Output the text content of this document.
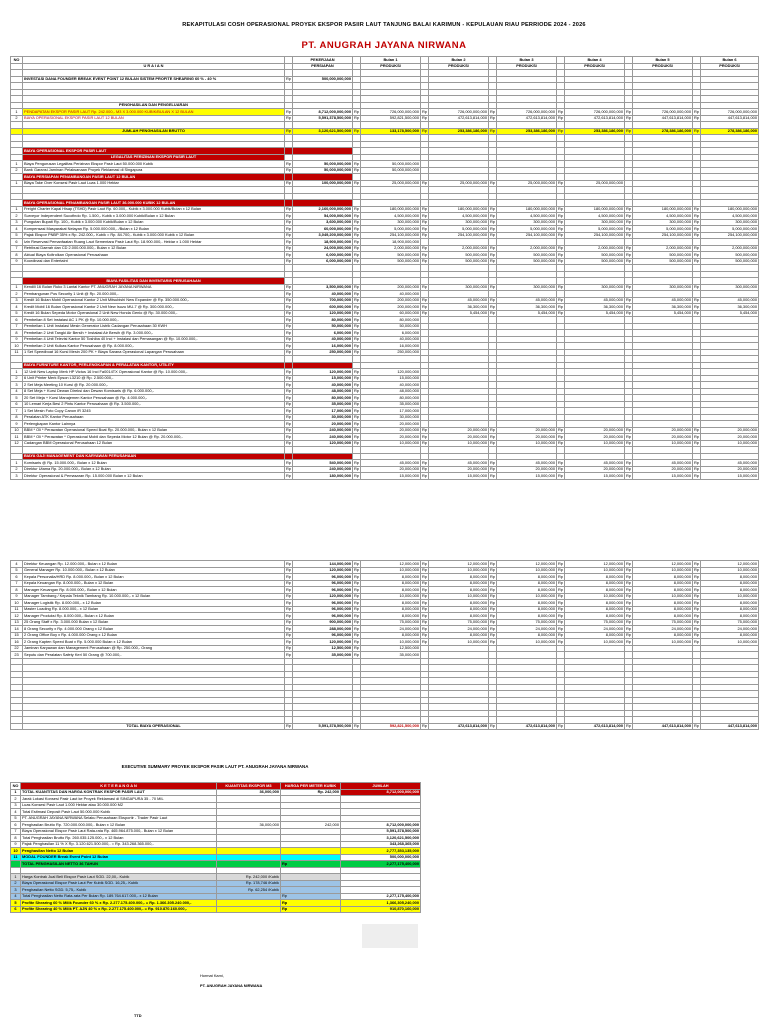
REKAPITULASI COSH OPERASIONAL PROYEK EKSPOR PASIIR LAUT TANJUNG BALAI KARIMUN - KEPULAUAN RIAU PERRIODE 2024 - 2026
PT. ANUGRAH JAYANA NIRWANA
NO			PEKERJAAN		Bulan 1		Bulan 2		Bulan 3		Bulan 4		Bulan 5		Bulan 6
	U R A I A N		PERSIAPAN		PRODUKSI		PRODUKSI		PRODUKSI		PRODUKSI		PRODUKSI		PRODUKSI

	INVESTASI DANA FOUNDER BREAK EVENT POINT 12 BULAN SISTEM PROFITE SHEARING 60 % - 40 %	Rp	500,000,000,000												

	PENGHASILAN DAN PENGELUARAN														
1	PENDAPATAN EKSPOR PASIR LAUT Rp. 242.000,- M3 X 3.000.000 KUBIK/BULAN X 12 BULAN	Rp	8,712,000,000,000	Rp	726,000,000,000	Rp	726,000,000,000	Rp	726,000,000,000	Rp	726,000,000,000	Rp	726,000,000,000	Rp	726,000,000,000
2	BIAYA OPERASIONAL EKSPOR PASIR LAUT 12 BULAN	Rp	5,591,378,500,000	Rp	592,821,500,000	Rp	472,613,814,000	Rp	472,613,814,000	Rp	472,613,814,000	Rp	447,613,814,000	Rp	447,613,814,000

	JUMLAH PENGHASILAN BRUTTO	Rp	3,120,621,500,000	Rp	133,178,500,000	Rp	253,386,186,000	Rp	253,386,186,000	Rp	253,386,186,000	Rp	278,386,186,000	Rp	278,386,186,000

	BIAYA OPERASIONAL EKSPOR PASIR LAUT														
	LEGALITAS PERIZINAN EKSPOR PASIR LAUT														
1	Biaya Pengurusan Legalitas Perizinan Ekspor Pasir Laut 50.000.000 Kubik	Rp	50,000,000,000	Rp	50,000,000,000										
2	Bank Garansi Jaminan Pelaksanaan Proyek Reklamasi di Singapura	Rp	50,000,000,000	Rp	50,000,000,000										
	BIAYA PERSIAPAN PENAMBANGAN PASIR LAUT 12 BULAN														
1	Biaya Take Over Konsesi Pasir Laut Luas 1.000 Hektar	Rp	100,000,000,000	Rp	25,000,000,000	Rp	25,000,000,000	Rp	25,000,000,000	Rp	25,000,000,000				

	BIAYA OPERASIONAL PENAMBANGAN PASIR LAUT 36.000.000 KUBIK 12 BULAN														
1	Freight Charter Kapal Hisap (TSHD) Pasir Laut Rp. 60.000,- Kubik x 3.000.000 Kubik/Bulan x 12 Bulan	Rp	2,160,000,000,000	Rp	180,000,000,000	Rp	180,000,000,000	Rp	180,000,000,000	Rp	180,000,000,000	Rp	180,000,000,000	Rp	180,000,000,000
2	Surveyor Independent Sucofindo Rp. 1.500,- Kubik x 3.000.000 Kubik/Bulan x 12 Bulan	Rp	54,000,000,000	Rp	4,500,000,000	Rp	4,500,000,000	Rp	4,500,000,000	Rp	4,500,000,000	Rp	4,500,000,000	Rp	4,500,000,000
3	Pungutan Bupati Rp. 100,- Kubik x 3.000.000 Kubik/Bulan x 12 Bulan	Rp	3,600,000,000	Rp	300,000,000	Rp	300,000,000	Rp	300,000,000	Rp	300,000,000	Rp	300,000,000	Rp	300,000,000
4	Kompensasi Masyarakat Nelayan Rp. 5.000.000.000,- /Bulan x 12 Bulan	Rp	60,000,000,000	Rp	5,000,000,000	Rp	5,000,000,000	Rp	5,000,000,000	Rp	5,000,000,000	Rp	5,000,000,000	Rp	5,000,000,000
5	Pajak Ekspor PNBP 35% x Rp. 242.000,- Kubik = Rp. 84.700,- Kubik x 3.000.000 Kubik x 12 Bulan	Rp	3,049,200,000,000	Rp	254,100,000,000	Rp	254,100,000,000	Rp	254,100,000,000	Rp	254,100,000,000	Rp	254,100,000,000	Rp	254,100,000,000
6	Izin Reservasi Pemanfaatan Ruang Laut Sementara Pasir Laut Rp. 18.900.000,- Hektar x 1.000 Hektar	Rp	18,900,000,000	Rp	18,900,000,000										
7	Retribusi Daerah dan CD 2.000.000.000,- Bulan x 12 Bulan	Rp	24,000,000,000	Rp	2,000,000,000	Rp	2,000,000,000	Rp	2,000,000,000	Rp	2,000,000,000	Rp	2,000,000,000	Rp	2,000,000,000
8	Aktual Biaya Koltrolkan Operasional Perusahaan	Rp	6,000,000,000	Rp	500,000,000	Rp	500,000,000	Rp	500,000,000	Rp	500,000,000	Rp	500,000,000	Rp	500,000,000
9	Koordinasi dan Entertaint	Rp	6,000,000,000	Rp	500,000,000	Rp	500,000,000	Rp	500,000,000	Rp	500,000,000	Rp	500,000,000	Rp	500,000,000

	BIAYA FASILITAS DAN INVENTARIS PERUSAHAAN														
1	Kendili 16 Bulan Ruko 3 Lantai Kantor PT. ANUGRAH JAYANA NIRWANA	Rp	3,500,000,000	Rp	200,000,000	Rp	300,000,000	Rp	300,000,000	Rp	300,000,000	Rp	300,000,000	Rp	300,000,000
2	Pembangunan Pos Security 1 Unit @ Rp. 20.000.000,-	Rp	40,000,000	Rp	40,000,000										
3	Kredit 16 Bulan Mobil Operasional Kantor 2 Unit Mitsubishi New Expander @ Rp. 350.000.000,-	Rp	700,000,000	Rp	200,000,000	Rp	45,000,000	Rp	45,000,000	Rp	45,000,000	Rp	45,000,000	Rp	45,000,000
4	Kredit Mobil 16 Bulan Operasional Kantor 2 Unit New Isuzu MU-7 @ Rp. 300.000.000,-	Rp	600,000,000	Rp	200,000,000	Rp	36,300,000	Rp	36,300,000	Rp	36,300,000	Rp	36,300,000	Rp	36,300,000
5	Kredit 16 Bulan Sepeda Motor Operasional 2 Unit New Honda Genio @ Rp. 30.000.000,-	Rp	120,000,000	Rp	60,000,000	Rp	5,454,000	Rp	5,454,000	Rp	5,454,000	Rp	5,454,000	Rp	5,454,000
6	Pembelian 8 Set Instalasi AC 1 PK @ Rp. 10.000.000,-	Rp	80,000,000	Rp	80,000,000										
7	Pembelian 1 Unit Instalasi Mesin Generator Listrik Cadangan Perusahaan 30 KWH	Rp	50,000,000	Rp	50,000,000										
8	Pembelian 2 Unit Tangki Air Bersih + Instalasi Air Bersih @ Rp. 3.000.000,-	Rp	6,000,000	Rp	6,000,000										
9	Pembelian 4 Unit Televisi Kantor 50 Toshiba 40 Inci + Instalasi dan Pemasangan @ Rp. 10.000.000,-	Rp	40,000,000	Rp	40,000,000										
10	Pembelian 2 Unit Kulkas Kantor Perusahaan @ Rp. 8.000.000,-	Rp	16,000,000	Rp	16,000,000										
11	1 Set Speedboat 16 Kursi Mesin 200 PK + Biaya Sarana Operasional Lapangan Perusahaan	Rp	250,000,000	Rp	250,000,000										

	BIAYA FURNITURE KANTOR, PERLENGKAPAN & PERALATAN KANTOR, UTILITY														
1	12 Unit New Laptop Merk HP Victus 16 Inci Fa0014TX Operasional Kantor @ Rp. 10.000.000,-	Rp	120,000,000	Rp	120,000,000										
2	6 Unit Printer Merk Epson L3210 @ Rp. 2.500.000,-	Rp	15,000,000	Rp	15,000,000										
3	2 Set Meja Meeting 10 Kursi @ Rp. 20.000.000,-	Rp	40,000,000	Rp	40,000,000										
4	8 Set Meja + Kursi Dewan Direksi dan Dewan Komisaris @ Rp. 6.000.000,-	Rp	48,000,000	Rp	48,000,000										
5	20 Set Meja + Kursi Manajemen Kantor Perusahaan @ Rp. 4.000.000,-	Rp	80,000,000	Rp	80,000,000										
6	10 Lemari Kerja Besi 2 Pintu Kantor Perusahaan @ Rp. 3.500.000,-	Rp	35,000,000	Rp	35,000,000										
7	1 Set Mesin Foto Copy Canon iR 3245	Rp	17,000,000	Rp	17,000,000										
8	Peralatan ATK Kantor Perusahaan	Rp	30,000,000	Rp	30,000,000										
9	Perlengkapan Kantor Lainnya	Rp	20,000,000	Rp	20,000,000										
10	BBM * Oli * Perawatan Operasional Speed Boat Rp. 20.000.000,- Bulan x 12 Bulan	Rp	240,000,000	Rp	20,000,000	Rp	20,000,000	Rp	20,000,000	Rp	20,000,000	Rp	20,000,000	Rp	20,000,000
11	BBM * Oli * Perawatan * Operasional Mobil dan Sepeda Motor 12 Bulan @ Rp. 20.000.000,-	Rp	240,000,000	Rp	20,000,000	Rp	20,000,000	Rp	20,000,000	Rp	20,000,000	Rp	20,000,000	Rp	20,000,000
12	Cadangan BBM Operasional Perusahaan 12 Bulan	Rp	120,000,000	Rp	10,000,000	Rp	10,000,000	Rp	10,000,000	Rp	10,000,000	Rp	10,000,000	Rp	10,000,000

	BIAYA GAJI MANAGEMENT DAN KARYAWAN PERUSAHAAN														
1	Komisaris @ Rp. 15.000.000,- Bulan x 12 Bulan	Rp	540,000,000	Rp	45,000,000	Rp	45,000,000	Rp	45,000,000	Rp	45,000,000	Rp	45,000,000	Rp	45,000,000
2	Direktur Utama Rp. 20.000.000,- Bulan x 12 Bulan	Rp	240,000,000	Rp	20,000,000	Rp	20,000,000	Rp	20,000,000	Rp	20,000,000	Rp	20,000,000	Rp	20,000,000
3	Direktur Operasional & Pemasaran Rp. 15.000.000 Bulan x 12 Bulan	Rp	180,000,000	Rp	15,000,000	Rp	15,000,000	Rp	15,000,000	Rp	15,000,000	Rp	15,000,000	Rp	15,000,000
4	Direktur Keuangan Rp. 12.000.000,- Bulan x 12 Bulan	Rp	144,000,000	Rp	12,000,000	Rp	12,000,000	Rp	12,000,000	Rp	12,000,000	Rp	12,000,000	Rp	12,000,000
5	General Manager Rp. 10.000.000,- Bulan x 12 Bulan	Rp	120,000,000	Rp	10,000,000	Rp	10,000,000	Rp	10,000,000	Rp	10,000,000	Rp	10,000,000	Rp	10,000,000
6	Kepala Personalia/HRD Rp. 8.000.000,- Bulan x 12 Bulan	Rp	96,000,000	Rp	8,000,000	Rp	8,000,000	Rp	8,000,000	Rp	8,000,000	Rp	8,000,000	Rp	8,000,000
7	Kepala Keuangan Rp. 8.000.000,- Bulan x 12 Bulan	Rp	96,000,000	Rp	8,000,000	Rp	8,000,000	Rp	8,000,000	Rp	8,000,000	Rp	8,000,000	Rp	8,000,000
8	Manager Keuangan Rp. 8.000.000,- Bulan x 12 Bulan	Rp	96,000,000	Rp	8,000,000	Rp	8,000,000	Rp	8,000,000	Rp	8,000,000	Rp	8,000,000	Rp	8,000,000
9	Manager Tambang / Kepala Teknik Tambang Rp. 10.000.000,- x 12 Bulan	Rp	120,000,000	Rp	10,000,000	Rp	10,000,000	Rp	10,000,000	Rp	10,000,000	Rp	10,000,000	Rp	10,000,000
10	Manager Logistik Rp. 8.000.000,- x 12 Bulan	Rp	96,000,000	Rp	8,000,000	Rp	8,000,000	Rp	8,000,000	Rp	8,000,000	Rp	8,000,000	Rp	8,000,000
11	Master Loading Rp. 8.000.000,- x 12 Bulan	Rp	96,000,000	Rp	8,000,000	Rp	8,000,000	Rp	8,000,000	Rp	8,000,000	Rp	8,000,000	Rp	8,000,000
12	Manager Produksi Rp. 8.000.000,- Bulan x 12 Bulan	Rp	96,000,000	Rp	8,000,000	Rp	8,000,000	Rp	8,000,000	Rp	8,000,000	Rp	8,000,000	Rp	8,000,000
13	25 Orang Staff x Rp. 3.000.000 Bulan x 12 Bulan	Rp	900,000,000	Rp	75,000,000	Rp	75,000,000	Rp	75,000,000	Rp	75,000,000	Rp	75,000,000	Rp	75,000,000
14	8 Orang Security x Rp. 4.000.000 Orang x 12 Bulan	Rp	288,000,000	Rp	24,000,000	Rp	24,000,000	Rp	24,000,000	Rp	24,000,000	Rp	24,000,000	Rp	24,000,000
15	2 Orang Office Boy x Rp. 4.000.000 Orang x 12 Bulan	Rp	96,000,000	Rp	8,000,000	Rp	8,000,000	Rp	8,000,000	Rp	8,000,000	Rp	8,000,000	Rp	8,000,000
16	2 Orang Kapten Speed Boat x Rp. 5.000.000 Bulan x 12 Bulan	Rp	120,000,000	Rp	10,000,000	Rp	10,000,000	Rp	10,000,000	Rp	10,000,000	Rp	10,000,000	Rp	10,000,000
22	Jaminan Karyawan dan Management Perusahaan @ Rp. 250.000,- Orang	Rp	12,500,000	Rp	12,500,000										
23	Seputu dan Peralatan Safety Kerl 50 Orang @ 700.000,-	Rp	35,000,000	Rp	35,000,000										

	TOTAL BIAYA OPERASIONAL	Rp	5,591,378,500,000	Rp	592,821,500,000	Rp	472,613,814,000	Rp	472,613,814,000	Rp	472,613,814,000	Rp	447,613,814,000	Rp	447,613,814,000
EXECUTIVE SUMMARY PROYEK EKSPOR PASIR LAUT PT. ANUGRAH JAYANA NIRWANA
NO	K E T E R A N G A N	KUANTITAS EKSPOR M3	HARGA PER METER KUBIK	JUMLAH
1	TOTAL KUANTITAS DAN HARGA KONTRAK EKSPOR PASIR LAUT	36,000,000	Rp. 242,000	8,712,000,000,000
2	Jarak Lokasi Konsesi Pasir Laut ke Proyek Reklamasi di SINGAPURA 35 - 70 MIL			
3	Luas Konsesi Pasir Laut 1.000 Hektar atau 30.000.000 M2			
4	Total Estimasi Deposit Pasir Laut 50.000.000 Kubik			
5	PT. ANUGRAH JAYANA NIRWANA Selaku Perusahaan Eksportir - Trader Pasir Laut			
6	Penghasilan Brutto Rp. 720.000.000.000,- Bulan x 12 Bulan	36,000,000	242,000	8,712,000,000,000
7	Biaya Operasional Ekspor Pasir Laut Rata-rata Rp. 465.964.875.000,- Bulan x 12 Bulan			5,591,378,500,000
8	Total Penghasilan Brutto Rp. 260.035.125.000,- x 12 Bulan			3,120,621,500,000
9	Pajak Penghasilan 11 % X Rp. 3.120.621.500.000,- = Rp. 343.268.365.000,-			343,268,365,000
10	Penghasilan Netto 12 Bulan			2,777,353,135,000
11	MODAL FOUNDER Break Event Point 12 Bulan			500,000,000,000
	TOTAL PENGHASILAN NETTO 36 TAHUN		Rp	2,277,175,400,000

1	Harga Kontrak Jual Beli Ekspor Pasir Laut SGD. 22,00,- Kubik	Rp. 242,000 /Kubik		
2	Biaya Operasional Ekspor Pasir Laut Per Kubik SGD. 16,25,- Kubik	Rp. 178,746 /Kubik		
3	Penghasilan Netto SGD. 5,75,- Kubik	Rp. 62,254 /Kubik		
4	Total Penghasilan Netto Rata-rata Per Bulan Rp. 189.764.617.000,- x 12 Bulan		Rp	2,277,175,400,000
5	Profite Shearing 60 % Milik Founder 60 % x Rp. 2.277.175.400.000,- = Rp. 1.366.305.240.000,-		Rp	1,366,305,240,000
6	Profite Shearing 40 % Milik PT. AJN 40 % x Rp. 2.277.175.400.000,- = Rp. 910.870.160.000,-		Rp	910,870,160,000
Hormat Kami,
PT. ANUGRAH JAYANA NIRWANA
TTD
